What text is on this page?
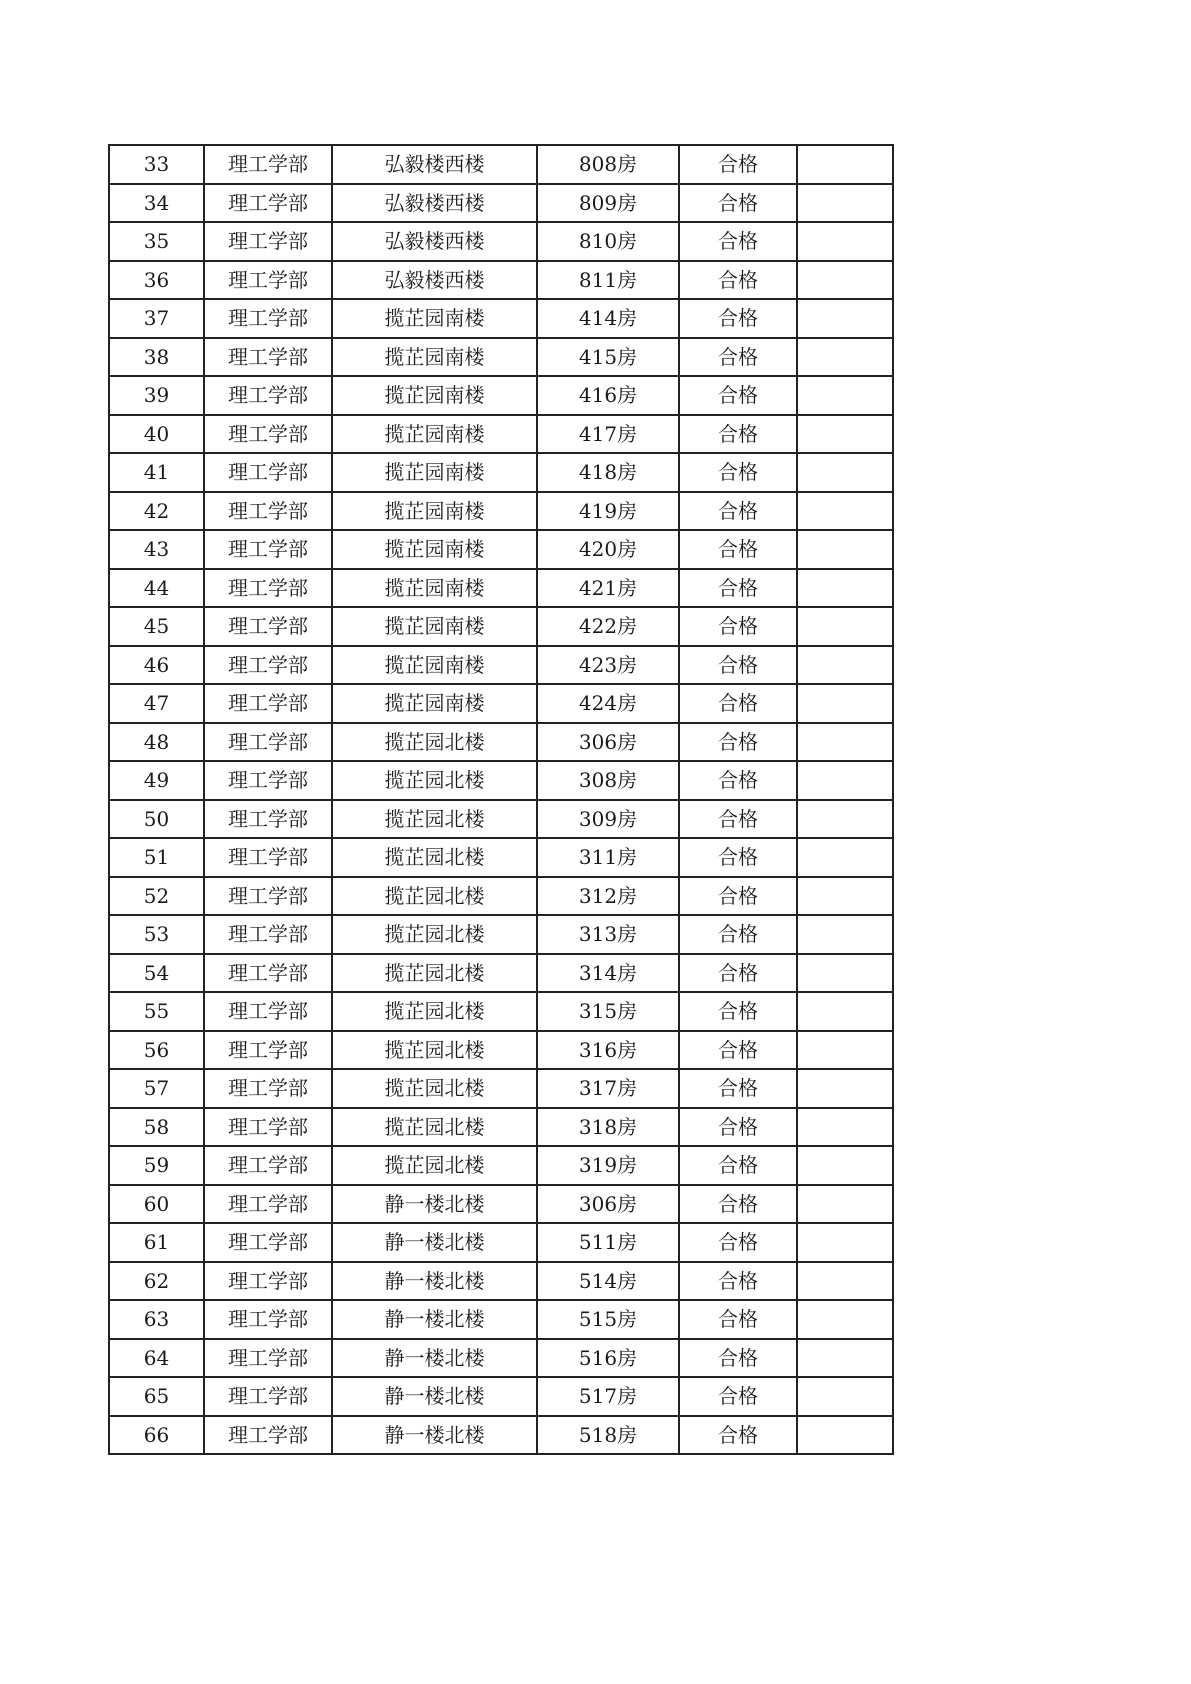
33	理工学部	弘毅楼西楼	808房	合格	
34	理工学部	弘毅楼西楼	809房	合格	
35	理工学部	弘毅楼西楼	810房	合格	
36	理工学部	弘毅楼西楼	811房	合格	
37	理工学部	揽芷园南楼	414房	合格	
38	理工学部	揽芷园南楼	415房	合格	
39	理工学部	揽芷园南楼	416房	合格	
40	理工学部	揽芷园南楼	417房	合格	
41	理工学部	揽芷园南楼	418房	合格	
42	理工学部	揽芷园南楼	419房	合格	
43	理工学部	揽芷园南楼	420房	合格	
44	理工学部	揽芷园南楼	421房	合格	
45	理工学部	揽芷园南楼	422房	合格	
46	理工学部	揽芷园南楼	423房	合格	
47	理工学部	揽芷园南楼	424房	合格	
48	理工学部	揽芷园北楼	306房	合格	
49	理工学部	揽芷园北楼	308房	合格	
50	理工学部	揽芷园北楼	309房	合格	
51	理工学部	揽芷园北楼	311房	合格	
52	理工学部	揽芷园北楼	312房	合格	
53	理工学部	揽芷园北楼	313房	合格	
54	理工学部	揽芷园北楼	314房	合格	
55	理工学部	揽芷园北楼	315房	合格	
56	理工学部	揽芷园北楼	316房	合格	
57	理工学部	揽芷园北楼	317房	合格	
58	理工学部	揽芷园北楼	318房	合格	
59	理工学部	揽芷园北楼	319房	合格	
60	理工学部	静一楼北楼	306房	合格	
61	理工学部	静一楼北楼	511房	合格	
62	理工学部	静一楼北楼	514房	合格	
63	理工学部	静一楼北楼	515房	合格	
64	理工学部	静一楼北楼	516房	合格	
65	理工学部	静一楼北楼	517房	合格	
66	理工学部	静一楼北楼	518房	合格	
